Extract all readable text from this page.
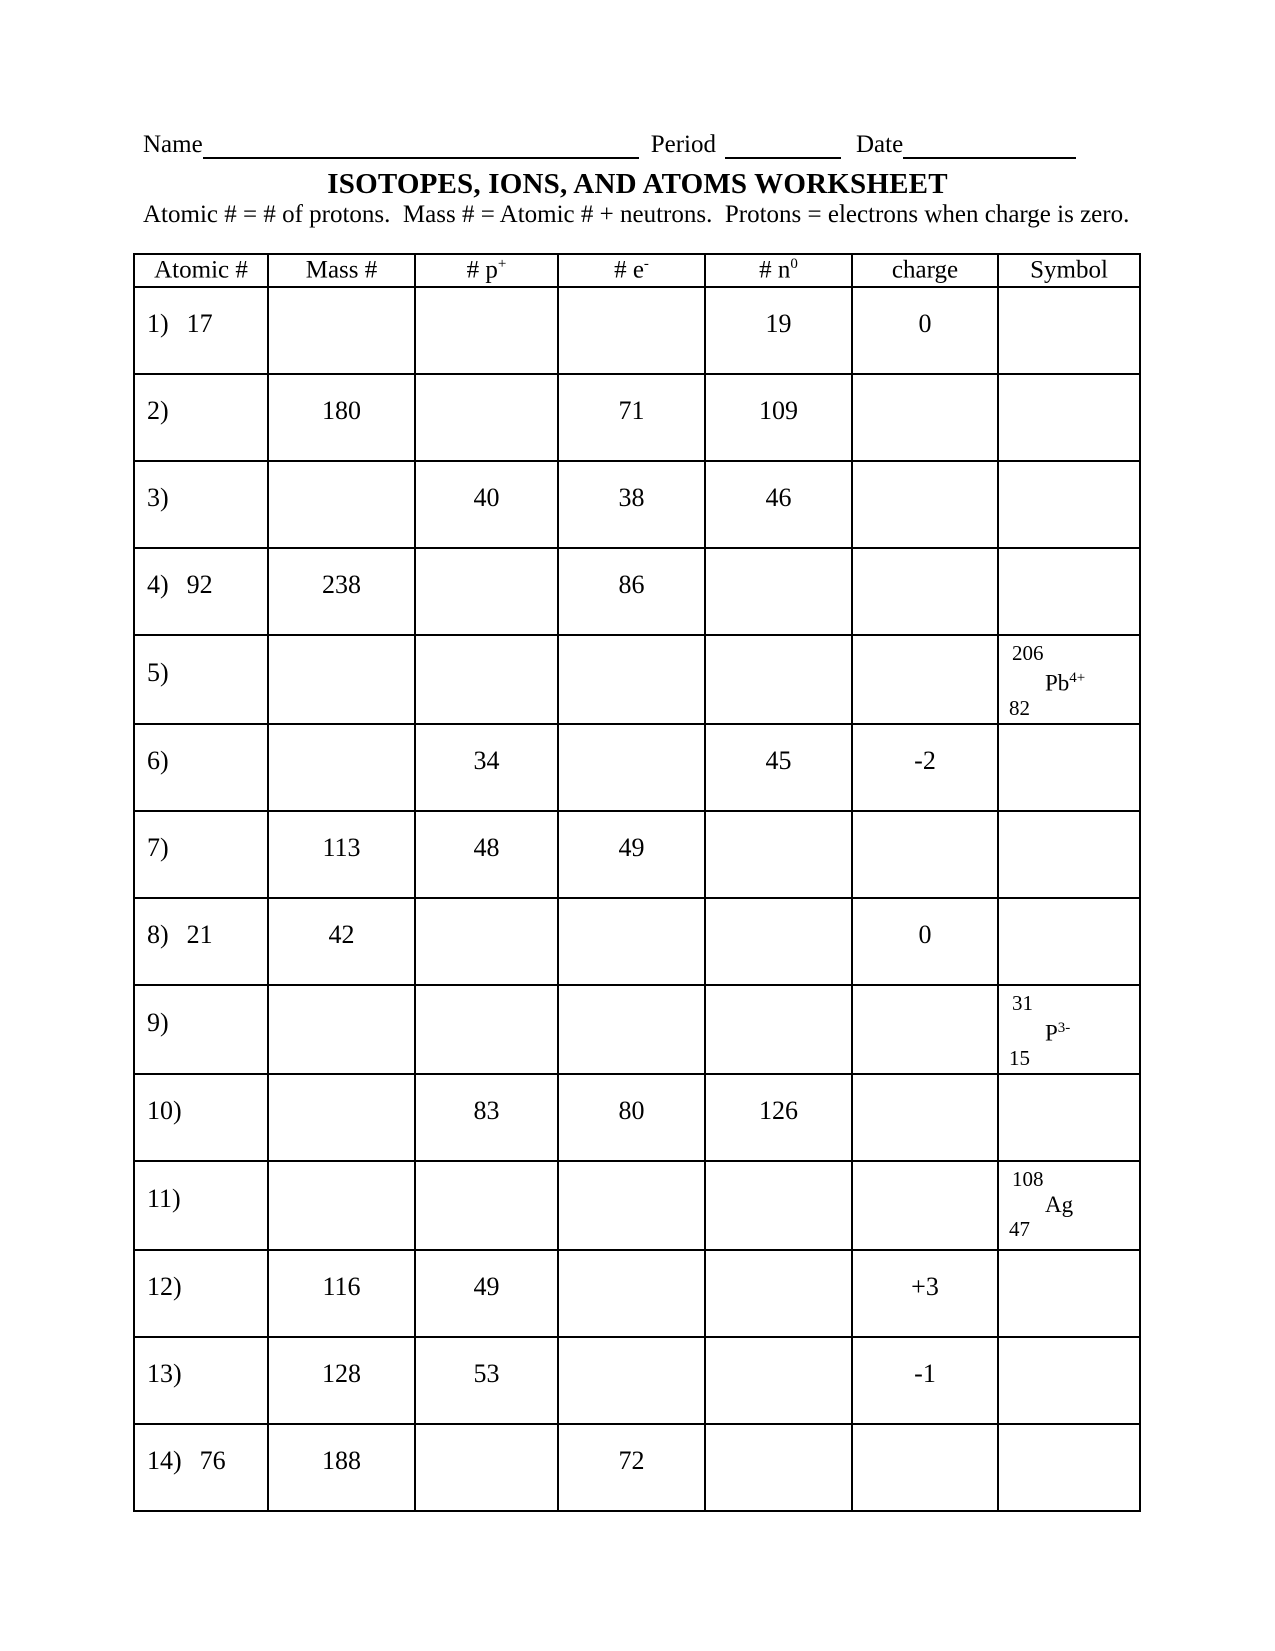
Name	Period	Date
ISOTOPES, IONS, AND ATOMS WORKSHEET
Atomic # = # of protons.  Mass # = Atomic # + neutrons.  Protons = electrons when charge is zero.
Atomic #	Mass #	# p+	# e-	# $n^0$	charge	Symbol
1) 17				19	0	
2)	180		71	109		
3)		40	38	46		
4) 92	238		86			
5)						206
$Pb^{4+}$
82

6)		34		45	-2	
7)	113	48	49			
8) 21	42				0	
9)						31
$P^{3-}$
15

10)		83	80	126		
11)						108
Ag
47

12)	116	49			+3	
13)	128	53			-1	
14) 76	188		72			
